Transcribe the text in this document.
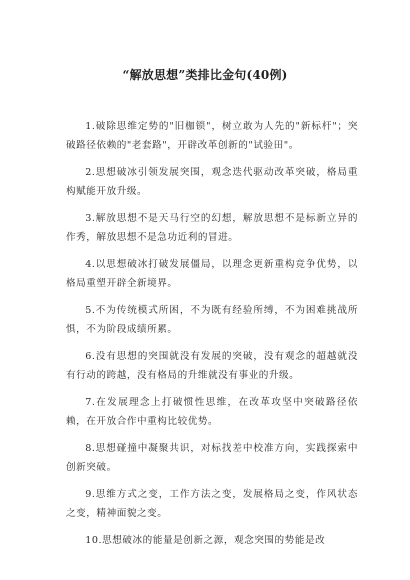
“解放思想”类排比金句(40例)

1.破除思维定势的"旧枷锁"，树立敢为人先的"新标杆"；突破路径依赖的"老套路"，开辟改革创新的"试验田"。

2.思想破冰引领发展突围，观念迭代驱动改革突破，格局重构赋能开放升级。

3.解放思想不是天马行空的幻想，解放思想不是标新立异的作秀，解放思想不是急功近利的冒进。

4.以思想破冰打破发展僵局，以理念更新重构竞争优势，以格局重塑开辟全新境界。

5.不为传统模式所困，不为既有经验所缚，不为困难挑战所惧，不为阶段成绩所累。

6.没有思想的突围就没有发展的突破，没有观念的超越就没有行动的跨越，没有格局的升维就没有事业的升级。

7.在发展理念上打破惯性思维，在改革攻坚中突破路径依赖，在开放合作中重构比较优势。

8.思想碰撞中凝聚共识，对标找差中校准方向，实践探索中创新突破。

9.思维方式之变，工作方法之变，发展格局之变，作风状态之变，精神面貌之变。

10.思想破冰的能量是创新之源，观念突围的势能是改
